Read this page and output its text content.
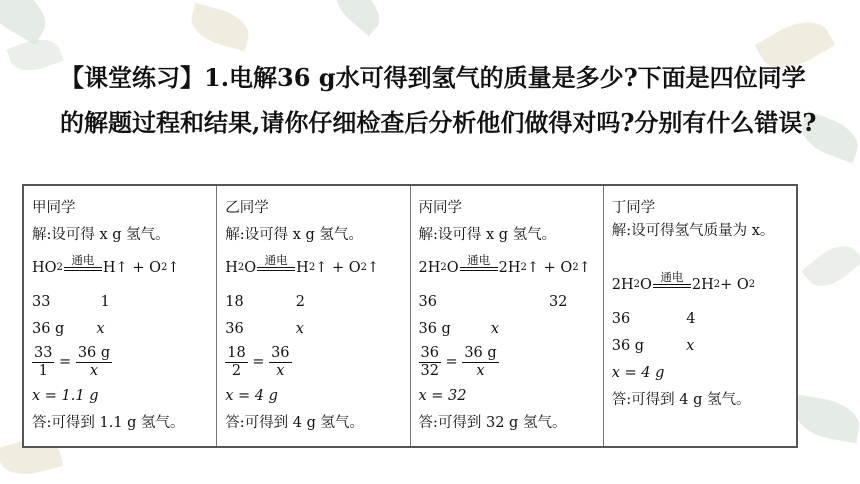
【课堂练习】1.电解36 g水可得到氢气的质量是多少?下面是四位同学的解题过程和结果,请你仔细检查后分析他们做得对吗?分别有什么错误?
甲同学
解:设可得 x g 氢气。
HO 2
通电
H↑ + O 2 ↑
33	1
36 g x
$\frac{33}{1} = \frac{36 g}{x}$
x = 1.1 g
答:可得到 1.1 g 氢气。
乙同学
解:设可得 x g 氢气。
H 2 O
通电
H 2 ↑ + O 2 ↑
18	2
36	x
$\frac{18}{2} = \frac{36}{x}$
x = 4 g
答:可得到 4 g 氢气。
丙同学
解:设可得 x g 氢气。
2H 2 O
通电
2H 2 ↑ + O 2 ↑
36	32
36 g	x
$\frac{36}{32} = \frac{36 g}{x}$
x = 32
答:可得到 32 g 氢气。
丁同学
解:设可得氢气质量为 x。
2H 2 O
通电
2H 2 + O 2
36	4
36 g	x
x = 4 g
答:可得到 4 g 氢气。
